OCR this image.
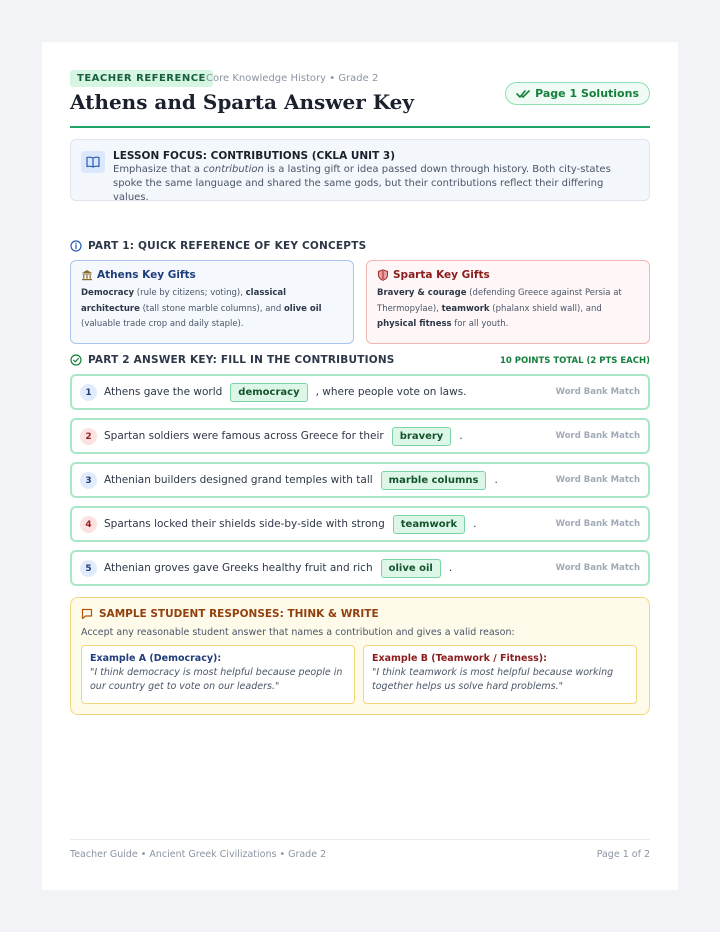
TEACHER REFERENCE Core Knowledge History • Grade 2
Athens and Sparta Answer Key	Page 1 Solutions
LESSON FOCUS: CONTRIBUTIONS (CKLA UNIT 3)
Emphasize that a contribution is a lasting gift or idea passed down through history. Both city-states spoke the same language and shared the same gods, but their contributions reflect their differing values.
PART 1: QUICK REFERENCE OF KEY CONCEPTS
Athens Key Gifts
Democracy (rule by citizens; voting), classical architecture (tall stone marble columns), and olive oil (valuable trade crop and daily staple).
Sparta Key Gifts
Bravery & courage (defending Greece against Persia at Thermopylae), teamwork (phalanx shield wall), and physical fitness for all youth.
PART 2 ANSWER KEY: FILL IN THE CONTRIBUTIONS	10 POINTS TOTAL (2 PTS EACH)
1	Athens gave the world	democracy	, where people vote on laws.	Word Bank Match
2	Spartan soldiers were famous across Greece for their	bravery	.	Word Bank Match
3	Athenian builders designed grand temples with tall	marble columns	.	Word Bank Match
4	Spartans locked their shields side-by-side with strong	teamwork	.	Word Bank Match
5	Athenian groves gave Greeks healthy fruit and rich	olive oil	.	Word Bank Match
SAMPLE STUDENT RESPONSES: THINK & WRITE
Accept any reasonable student answer that names a contribution and gives a valid reason:
Example A (Democracy):
"I think democracy is most helpful because people in our country get to vote on our leaders."
Example B (Teamwork / Fitness):
"I think teamwork is most helpful because working together helps us solve hard problems."
Teacher Guide • Ancient Greek Civilizations • Grade 2	Page 1 of 2
